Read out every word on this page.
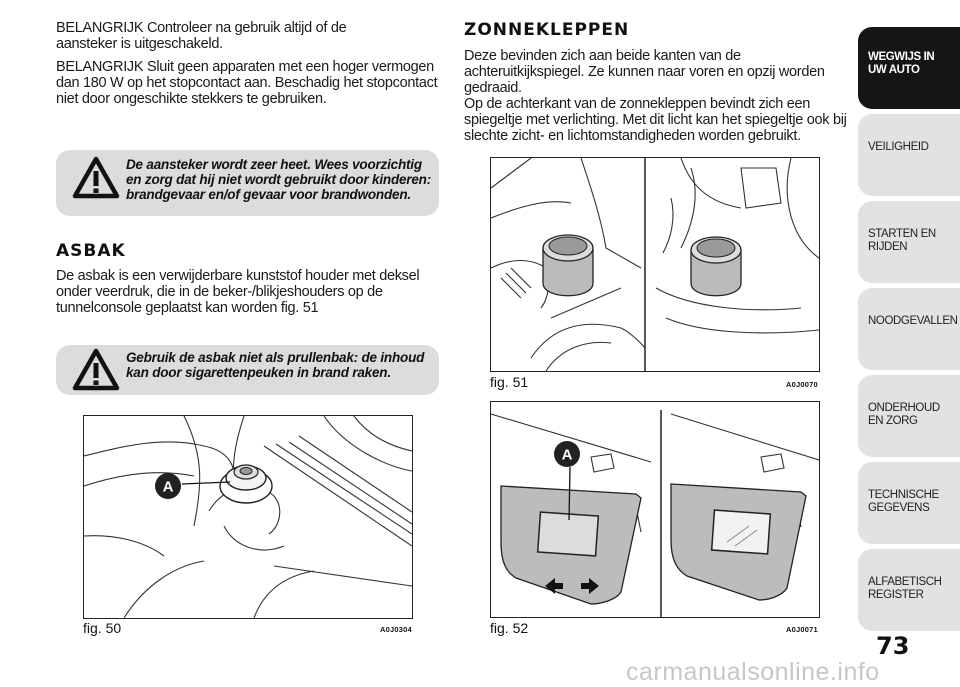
BELANGRIJK Controleer na gebruik altijd of de aansteker is uitgeschakeld.

BELANGRIJK Sluit geen apparaten met een hoger vermogen dan 180 W op het stopcontact aan. Beschadig het stopcontact niet door ongeschikte stekkers te gebruiken.

De aansteker wordt zeer heet. Wees voorzichtig en zorg dat hij niet wordt gebruikt door kinderen: brandgevaar en/of gevaar voor brandwonden.

ASBAK

De asbak is een verwijderbare kunststof houder met deksel onder veerdruk, die in de beker-/blikjeshouders op de tunnelconsole geplaatst kan worden fig. 51

Gebruik de asbak niet als prullenbak: de inhoud kan door sigarettenpeuken in brand raken.

A
fig. 50	A0J0304
ZONNEKLEPPEN

Deze bevinden zich aan beide kanten van de achteruitkijkspiegel. Ze kunnen naar voren en opzij worden gedraaid.

Op de achterkant van de zonnekleppen bevindt zich een spiegeltje met verlichting. Met dit licht kan het spiegeltje ook bij slechte zicht- en lichtomstandigheden worden gebruikt.

fig. 51	A0J0070
A
fig. 52	A0J0071
WEGWIJS IN UW AUTO
VEILIGHEID
STARTEN EN RIJDEN
NOODGEVALLEN
ONDERHOUD EN ZORG
TECHNISCHE GEGEVENS
ALFABETISCH REGISTER
73
carmanualsonline.info
